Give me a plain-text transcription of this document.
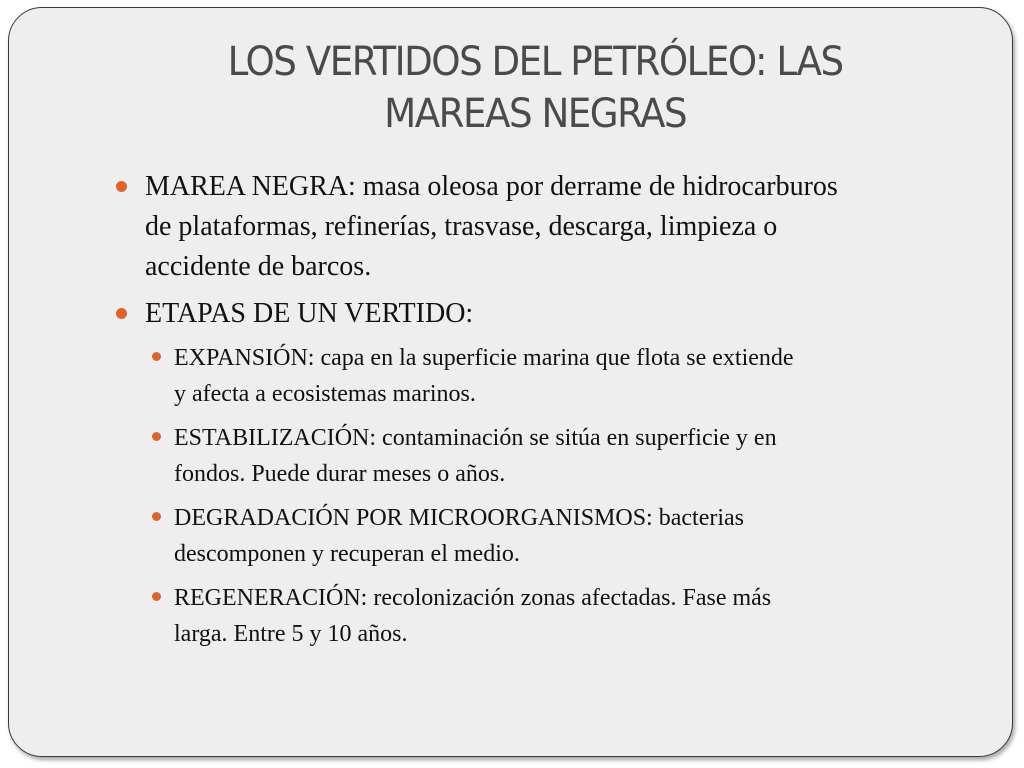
LOS VERTIDOS DEL PETRÓLEO: LAS
MAREAS NEGRAS
MAREA NEGRA: masa oleosa por derrame de hidrocarburos
de plataformas, refinerías, trasvase, descarga, limpieza o
accidente de barcos.
ETAPAS DE UN VERTIDO:
EXPANSIÓN: capa en la superficie marina que flota se extiende
y afecta a ecosistemas marinos.
ESTABILIZACIÓN: contaminación se sitúa en superficie y en
fondos. Puede durar meses o años.
DEGRADACIÓN POR MICROORGANISMOS: bacterias
descomponen y recuperan el medio.
REGENERACIÓN: recolonización zonas afectadas. Fase más
larga. Entre 5 y 10 años.
